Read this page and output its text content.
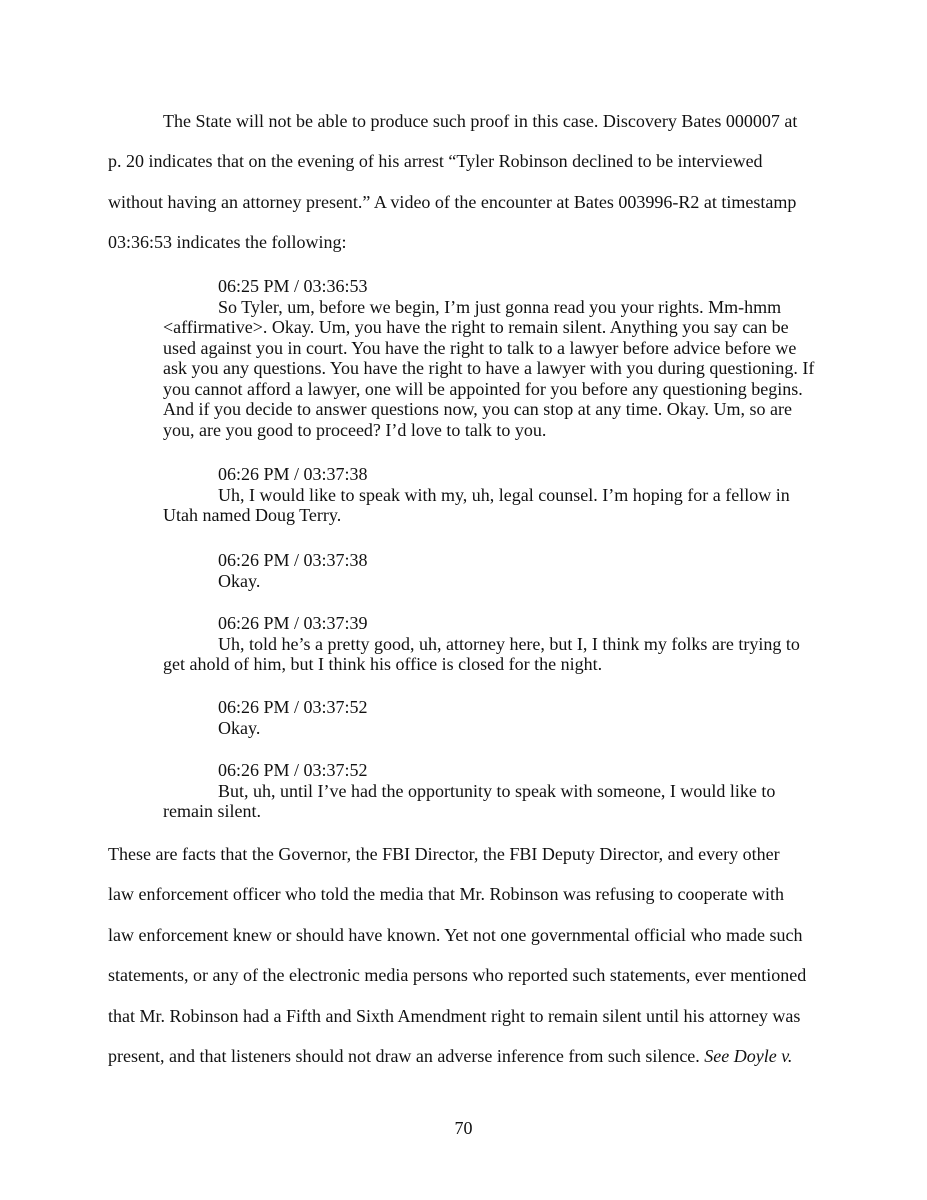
The State will not be able to produce such proof in this case. Discovery Bates 000007 at
p. 20 indicates that on the evening of his arrest “Tyler Robinson declined to be interviewed
without having an attorney present.” A video of the encounter at Bates 003996-R2 at timestamp
03:36:53 indicates the following:
06:25 PM / 03:36:53
So Tyler, um, before we begin, I’m just gonna read you your rights. Mm-hmm <affirmative>. Okay. Um, you have the right to remain silent. Anything you say can be used against you in court. You have the right to talk to a lawyer before advice before we ask you any questions. You have the right to have a lawyer with you during questioning. If you cannot afford a lawyer, one will be appointed for you before any questioning begins. And if you decide to answer questions now, you can stop at any time. Okay. Um, so are you, are you good to proceed? I’d love to talk to you.
06:26 PM / 03:37:38
Uh, I would like to speak with my, uh, legal counsel. I’m hoping for a fellow in Utah named Doug Terry.
06:26 PM / 03:37:38
Okay.
06:26 PM / 03:37:39
Uh, told he’s a pretty good, uh, attorney here, but I, I think my folks are trying to get ahold of him, but I think his office is closed for the night.
06:26 PM / 03:37:52
Okay.
06:26 PM / 03:37:52
But, uh, until I’ve had the opportunity to speak with someone, I would like to remain silent.
These are facts that the Governor, the FBI Director, the FBI Deputy Director, and every other
law enforcement officer who told the media that Mr. Robinson was refusing to cooperate with
law enforcement knew or should have known. Yet not one governmental official who made such
statements, or any of the electronic media persons who reported such statements, ever mentioned
that Mr. Robinson had a Fifth and Sixth Amendment right to remain silent until his attorney was
present, and that listeners should not draw an adverse inference from such silence. See Doyle v.
70
